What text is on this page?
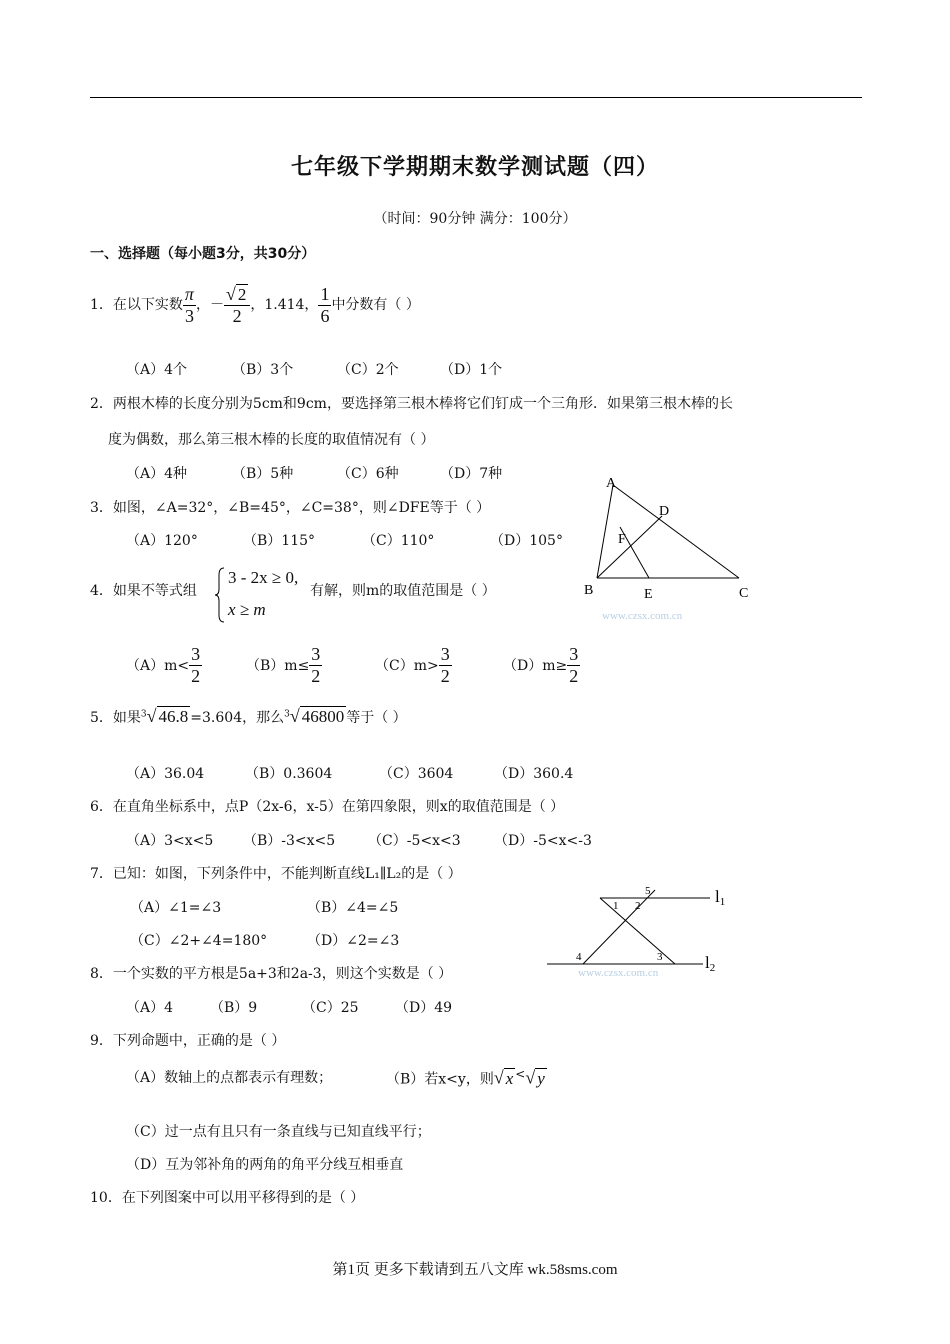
七年级下学期期末数学测试题（四）
（时间：90分钟 满分：100分）
一、选择题（每小题3分，共30分）
1．在以下实数 $\frac{\pi}{3}$ ，－ $\frac{√ 2}{2}$ ，1.414， $\frac{1}{6}$ 中分数有（ ）
（A）4个	（B）3个	（C）2个	（D）1个
2．两根木棒的长度分别为5cm和9cm，要选择第三根木棒将它们钉成一个三角形．如果第三根木棒的长
度为偶数，那么第三根木棒的长度的取值情况有（ ）
（A）4种	（B）5种	（C）6种	（D）7种
3．如图，∠A=32°，∠B=45°，∠C=38°，则∠DFE等于（ ）
（A）120°	（B）115°	（C）110°	（D）105°
A
D
F
B	E	C
www.czsx.com.cn
4．如果不等式组
3 - 2x ≥ 0,
x ≥ m
有解，则m的取值范围是（ ）
$(A)m< \frac{3}{2}$	$(B)m\le \frac{3}{2}$	$(C)m> \frac{3}{2}$	$(D)m\ge \frac{3}{2}$
5．如果$^3$√ 46.8 =3.604，那么$^3$√ 46800 等于（ ）
（A）36.04	（B）0.3604	（C）3604	（D）360.4
6．在直角坐标系中，点P（2x-6，x-5）在第四象限，则x的取值范围是（ ）
（A）3<x<5 （B）-3<x<5 （C）-5<x<3 （D）-5<x<-3
7．已知：如图，下列条件中，不能判断直线L₁∥L₂的是（ ）
（A）∠1=∠3	（B）∠4=∠5
（C）∠2+∠4=180°	（D）∠2=∠3
5
1 2
4	3
l1
l2
www.czsx.com.cn
8．一个实数的平方根是5a+3和2a-3，则这个实数是（ ）
（A）4	（B）9	（C）25	（D）49
9．下列命题中，正确的是（ ）
（A）数轴上的点都表示有理数；	（B）若x<y，则√ x <√ y
（C）过一点有且只有一条直线与已知直线平行；
（D）互为邻补角的两角的角平分线互相垂直
10．在下列图案中可以用平移得到的是（ ）
第1页 更多下载请到五八文库 wk.58sms.com
